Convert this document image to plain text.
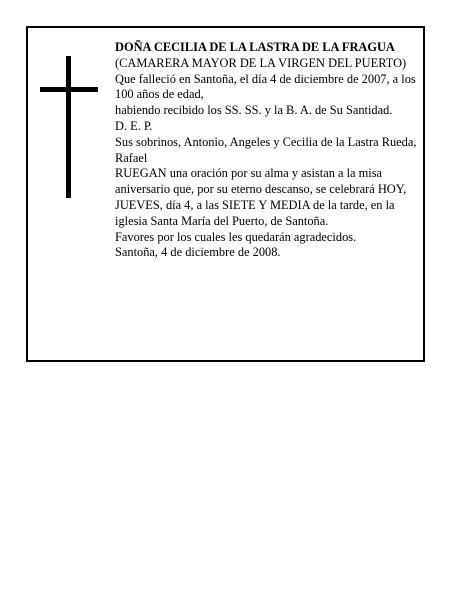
DOÑA CECILIA DE LA LASTRA DE LA FRAGUA

(CAMARERA MAYOR DE LA VIRGEN DEL PUERTO)

Que falleció en Santoña, el día 4 de diciembre de 2007, a los 100 años de edad,

habiendo recibido los SS. SS. y la B. A. de Su Santidad.

D. E. P.

Sus sobrinos, Antonio, Angeles y Cecilia de la Lastra Rueda, Rafael

RUEGAN una oración por su alma y asistan a la misa aniversario que, por su eterno descanso, se celebrará HOY, JUEVES, día 4, a las SIETE Y MEDIA de la tarde, en la iglesia Santa María del Puerto, de Santoña.

Favores por los cuales les quedarán agradecidos.

Santoña, 4 de diciembre de 2008.
